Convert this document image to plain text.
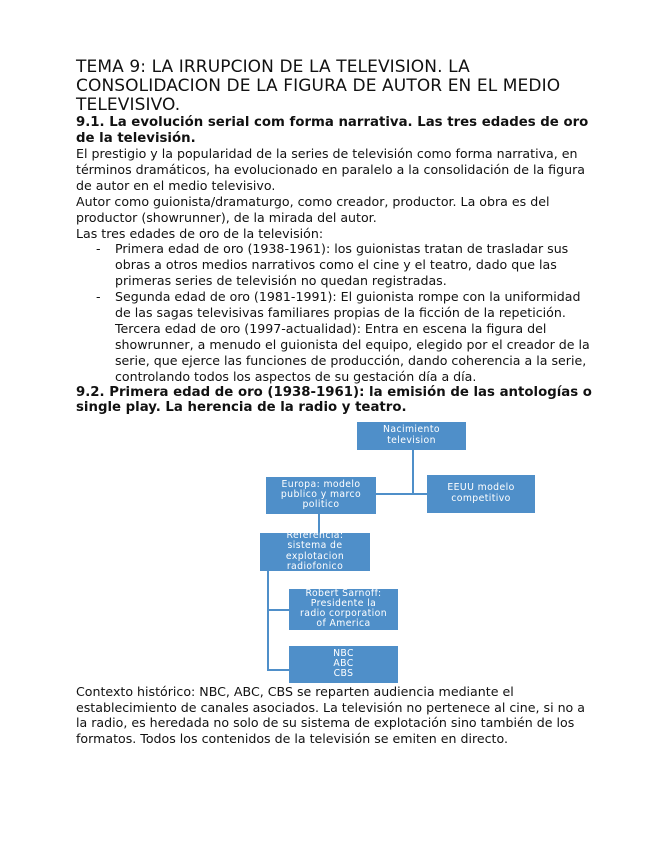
TEMA 9: LA IRRUPCION DE LA TELEVISION. LA CONSOLIDACION DE LA FIGURA DE AUTOR EN EL MEDIO TELEVISIVO.
9.1. La evolución serial com forma narrativa. Las tres edades de oro de la televisión.

El prestigio y la popularidad de la series de televisión como forma narrativa, en términos dramáticos, ha evolucionado en paralelo a la consolidación de la figura de autor en el medio televisivo.

Autor como guionista/dramaturgo, como creador, productor. La obra es del productor (showrunner), de la mirada del autor.

Las tres edades de oro de la televisión:

- Primera edad de oro (1938-1961): los guionistas tratan de trasladar sus obras a otros medios narrativos como el cine y el teatro, dado que las primeras series de televisión no quedan registradas.
- Segunda edad de oro (1981-1991): El guionista rompe con la uniformidad de las sagas televisivas familiares propias de la ficción de la repetición.
Tercera edad de oro (1997-actualidad): Entra en escena la figura del showrunner, a menudo el guionista del equipo, elegido por el creador de la serie, que ejerce las funciones de producción, dando coherencia a la serie, controlando todos los aspectos de su gestación día a día.
9.2. Primera edad de oro (1938-1961): la emisión de las antologías o single play. La herencia de la radio y teatro.
Nacimiento
television
Europa: modelo
publico y marco
politico
EEUU modelo
competitivo
Referencia:
sistema de
explotacion
radiofonico
Robert Sarnoff:
Presidente la
radio corporation
of America
NBC
ABC
CBS

Contexto histórico: NBC, ABC, CBS se reparten audiencia mediante el establecimiento de canales asociados. La televisión no pertenece al cine, si no a la radio, es heredada no solo de su sistema de explotación sino también de los formatos. Todos los contenidos de la televisión se emiten en directo.
